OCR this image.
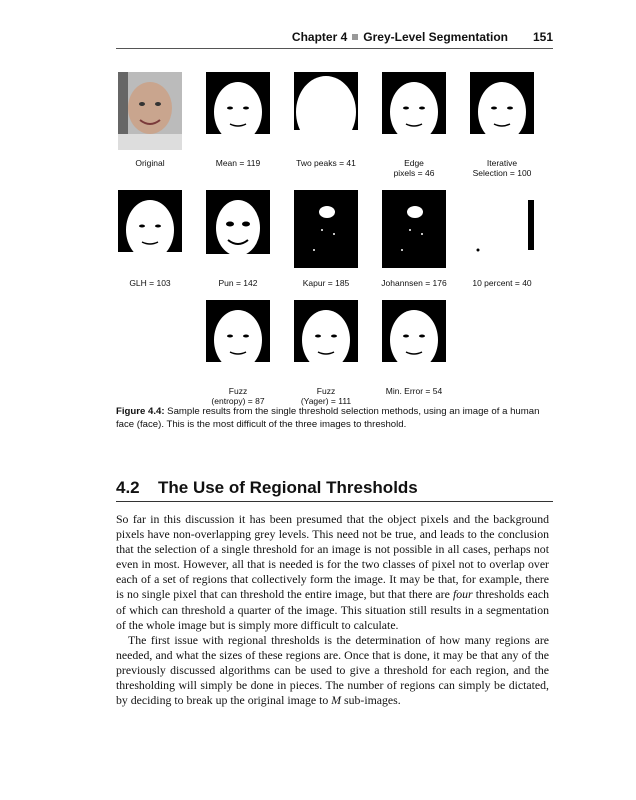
Chapter 4 Grey-Level Segmentation 151
Original	Mean = 119	Two peaks = 41	Edge
pixels = 46
Iterative
Selection = 100
GLH = 103	Pun = 142	Kapur = 185	Johannsen = 176	10 percent = 40
Fuzz
(entropy) = 87
Fuzz
(Yager) = 111
Min. Error = 54
Figure 4.4: Sample results from the single threshold selection methods, using an image of a human face (face). This is the most difficult of the three images to threshold.
4.2 The Use of Regional Thresholds

So far in this discussion it has been presumed that the object pixels and the background pixels have non-overlapping grey levels. This need not be true, and leads to the conclusion that the selection of a single threshold for an image is not possible in all cases, perhaps not even in most. However, all that is needed is for the two classes of pixel not to overlap over each of a set of regions that collectively form the image. It may be that, for example, there is no single pixel that can threshold the entire image, but that there are four thresholds each of which can threshold a quarter of the image. This situation still results in a segmentation of the whole image but is simply more difficult to calculate.

The first issue with regional thresholds is the determination of how many regions are needed, and what the sizes of these regions are. Once that is done, it may be that any of the previously discussed algorithms can be used to give a threshold for each region, and the thresholding will simply be done in pieces. The number of regions can simply be dictated, by deciding to break up the original image to M sub-images.
